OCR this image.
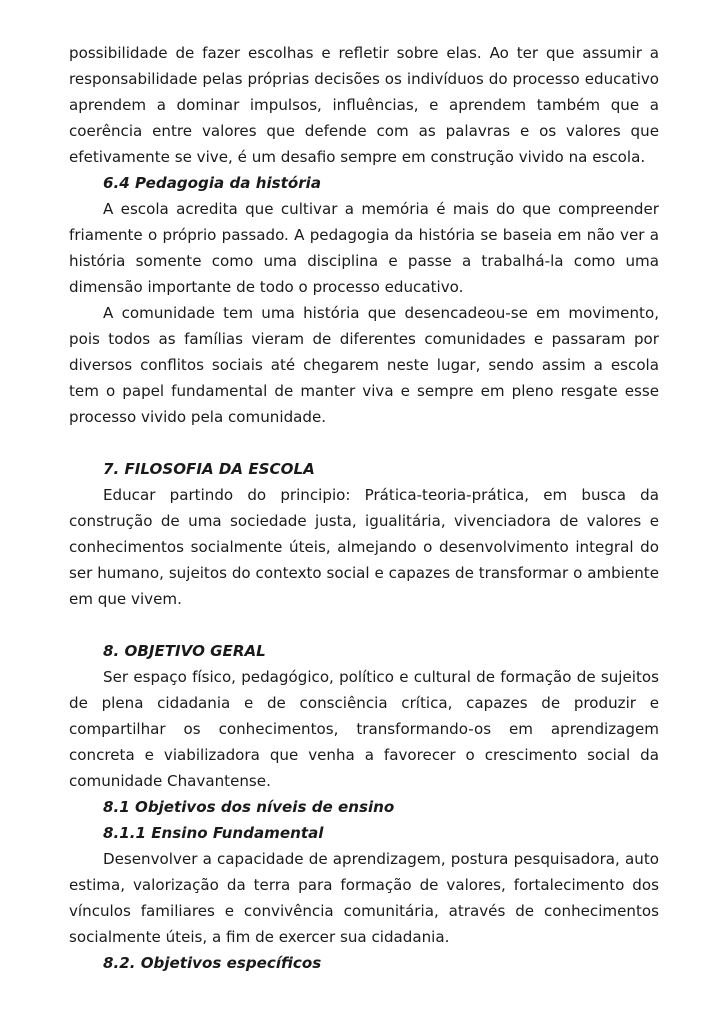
possibilidade de fazer escolhas e refletir sobre elas. Ao ter que assumir a responsabilidade pelas próprias decisões os indivíduos do processo educativo aprendem a dominar impulsos, influências, e aprendem também que a coerência entre valores que defende com as palavras e os valores que efetivamente se vive, é um desafio sempre em construção vivido na escola.

6.4 Pedagogia da história

A escola acredita que cultivar a memória é mais do que compreender friamente o próprio passado. A pedagogia da história se baseia em não ver a história somente como uma disciplina e passe a trabalhá-la como uma dimensão importante de todo o processo educativo.

A comunidade tem uma história que desencadeou-se em movimento, pois todos as famílias vieram de diferentes comunidades e passaram por diversos conflitos sociais até chegarem neste lugar, sendo assim a escola tem o papel fundamental de manter viva e sempre em pleno resgate esse processo vivido pela comunidade.

7. FILOSOFIA DA ESCOLA

Educar partindo do principio: Prática-teoria-prática, em busca da construção de uma sociedade justa, igualitária, vivenciadora de valores e conhecimentos socialmente úteis, almejando o desenvolvimento integral do ser humano, sujeitos do contexto social e capazes de transformar o ambiente em que vivem.

8. OBJETIVO GERAL

Ser espaço físico, pedagógico, político e cultural de formação de sujeitos de plena cidadania e de consciência crítica, capazes de produzir e compartilhar os conhecimentos, transformando-os em aprendizagem concreta e viabilizadora que venha a favorecer o crescimento social da comunidade Chavantense.

8.1 Objetivos dos níveis de ensino
8.1.1 Ensino Fundamental

Desenvolver a capacidade de aprendizagem, postura pesquisadora, auto estima, valorização da terra para formação de valores, fortalecimento dos vínculos familiares e convivência comunitária, através de conhecimentos socialmente úteis, a fim de exercer sua cidadania.

8.2. Objetivos específicos
